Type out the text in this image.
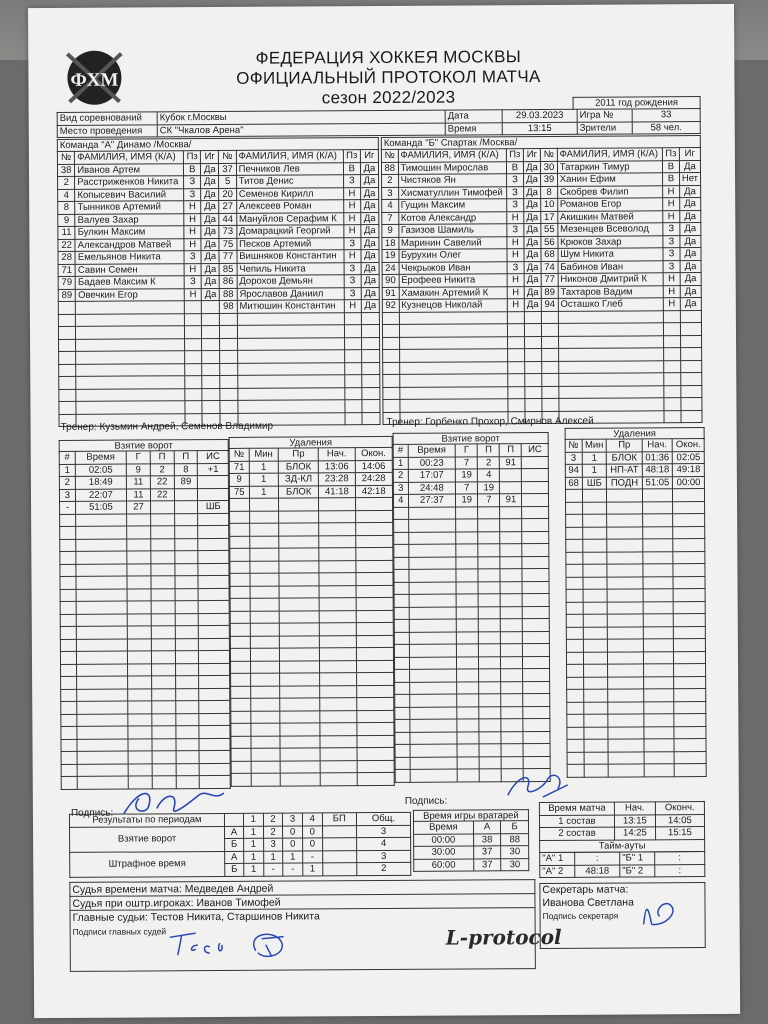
ФХМ
ФЕДЕРАЦИЯ ХОККЕЯ МОСКВЫ
ОФИЦИАЛЬНЫЙ ПРОТОКОЛ МАТЧА
сезон 2022/2023
Вид соревнований	Кубок г.Москвы	Дата	29.03.2023	Игра №	33
Место проведения	СК "Чкалов Арена"	Время	13:15	Зрители	58 чел.
2011 год рождения
Команда "А" Динамо /Москва/
№	ФАМИЛИЯ, ИМЯ (К/А)	Пз	Иг	№	ФАМИЛИЯ, ИМЯ (К/А)	Пз	Иг
38	Иванов Артем	В	Да	37	Печников Лев	В	Да
2	Расстриженков Никита	З	Да	5	Титов Денис	З	Да
4	Копысевич Василий	З	Да	20	Семенов Кирилл	Н	Да
8	Тынников Артемий	Н	Да	27	Алексеев Роман	Н	Да
9	Валуев Захар	Н	Да	44	Мануйлов Серафим К	Н	Да
11	Булкин Максим	Н	Да	73	Домарацкий Георгий	Н	Да
22	Александров Матвей	Н	Да	75	Песков Артемий	З	Да
28	Емельянов Никита	З	Да	77	Вишняков Константин	Н	Да
71	Савин Семен	Н	Да	85	Чепиль Никита	З	Да
79	Бадаев Максим К	З	Да	86	Дорохов Демьян	З	Да
89	Овечкин Егор	Н	Да	88	Ярославов Даниил	З	Да
				98	Митюшин Константин	Н	Да

Команда "Б" Спартак /Москва/
№	ФАМИЛИЯ, ИМЯ (К/А)	Пз	Иг	№	ФАМИЛИЯ, ИМЯ (К/А)	Пз	Иг
88	Тимошин Мирослав	В	Да	30	Татаркин Тимур	В	Да
2	Чистяков Ян	З	Да	39	Ханин Ефим	В	Нет
3	Хисматуллин Тимофей	З	Да	8	Скобрев Филип	Н	Да
4	Гущин Максим	З	Да	10	Романов Егор	Н	Да
7	Котов Александр	Н	Да	17	Акишкин Матвей	Н	Да
9	Газизов Шамиль	З	Да	55	Мезенцев Всеволод	З	Да
18	Маринин Савелий	Н	Да	56	Крюков Захар	З	Да
19	Бурухин Олег	Н	Да	68	Шум Никита	З	Да
24	Чекрыжов Иван	З	Да	74	Бабинов Иван	З	Да
90	Ерофеев Никита	Н	Да	77	Никонов Дмитрий К	Н	Да
91	Хамакин Артемий К	Н	Да	89	Тахтаров Вадим	Н	Да
92	Кузнецов Николай	Н	Да	94	Осташко Глеб	Н	Да

Тренер: Кузьмин Андрей, Семенов Владимир	Тренер: Горбенко Прохор, Смирнов Алексей
Взятие ворот
#	Время	Г	П	П	ИС
1	02:05	9	2	8	+1
2	18:49	11	22	89	
3	22:07	11	22		
-	51:05	27			ШБ

Удаления
№	Мин	Пр	Нач.	Окон.
71	1	БЛОК	13:06	14:06
9	1	ЗД-КЛ	23:28	24:28
75	1	БЛОК	41:18	42:18

Взятие ворот
#	Время	Г	П	П	ИС
1	00:23	7	2	91	
2	17:07	19	4		
3	24:48	7	19		
4	27:37	19	7	91	

Удаления
№	Мин	Пр	Нач.	Окон.
3	1	БЛОК	01:36	02:05
94	1	НП-АТ	48:18	49:18
68	ШБ	ПОДН	51:05	00:00

Подпись:
Подпись:
Результаты по периодам		1	2	3	4	БП	Общ.
Взятие ворот	А	1	2	0	0		3
	Б	1	3	0	0		4
Штрафное время	А	1	1	1	-		3
	Б	1	-	-	1		2
Время игры вратарей
Время	А	Б
00:00	38	88
30:00	37	30
60:00	37	30
Время матча	Нач.	Оконч.
1 состав	13:15	14:05
2 состав	14:25	15:15
Тайм-ауты		
"А" 1	:	"Б" 1	:
"А" 2	48:18	"Б" 2	:
Судья времени матча: Медведев Андрей
Судья при оштр.игроках: Иванов Тимофей
Главные судьи: Тестов Никита, Старшинов Никита
Подписи главных судей
Секретарь матча:
Иванова Светлана
Подпись секретаря
L-protocol
